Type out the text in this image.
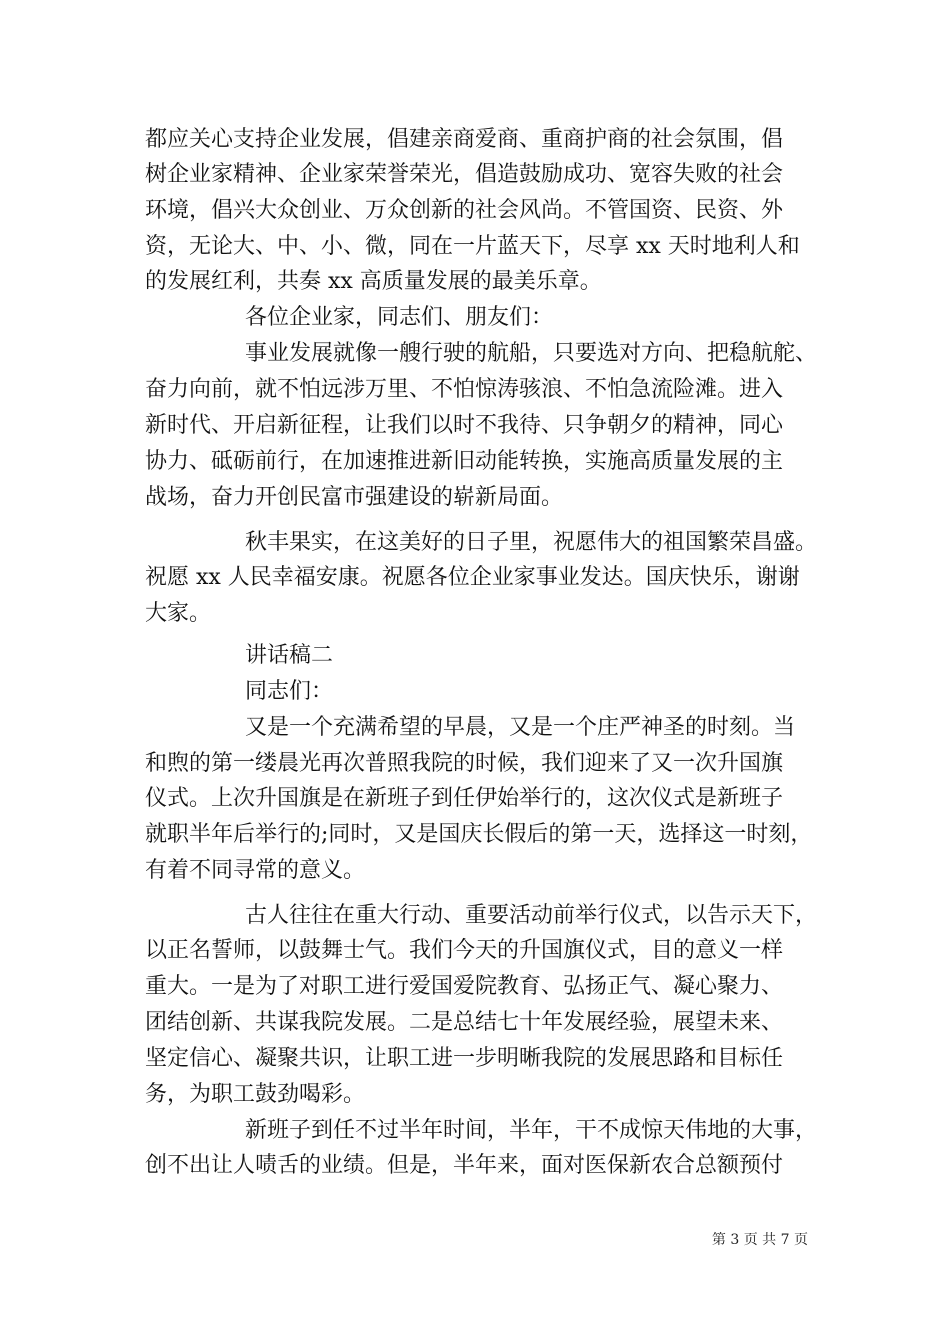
都应关心支持企业发展，倡建亲商爱商、重商护商的社会氛围，倡
树企业家精神、企业家荣誉荣光，倡造鼓励成功、宽容失败的社会
环境，倡兴大众创业、万众创新的社会风尚。不管国资、民资、外
资，无论大、中、小、微，同在一片蓝天下，尽享 xx 天时地利人和
的发展红利，共奏 xx 高质量发展的最美乐章。
各位企业家，同志们、朋友们：
事业发展就像一艘行驶的航船，只要选对方向、把稳航舵、
奋力向前，就不怕远涉万里、不怕惊涛骇浪、不怕急流险滩。进入
新时代、开启新征程，让我们以时不我待、只争朝夕的精神，同心
协力、砥砺前行，在加速推进新旧动能转换，实施高质量发展的主
战场，奋力开创民富市强建设的崭新局面。
秋丰果实，在这美好的日子里，祝愿伟大的祖国繁荣昌盛。
祝愿 xx 人民幸福安康。祝愿各位企业家事业发达。国庆快乐，谢谢
大家。
讲话稿二
同志们：
又是一个充满希望的早晨，又是一个庄严神圣的时刻。当
和煦的第一缕晨光再次普照我院的时候，我们迎来了又一次升国旗
仪式。上次升国旗是在新班子到任伊始举行的，这次仪式是新班子
就职半年后举行的;同时，又是国庆长假后的第一天，选择这一时刻，
有着不同寻常的意义。
古人往往在重大行动、重要活动前举行仪式，以告示天下，
以正名誓师，以鼓舞士气。我们今天的升国旗仪式，目的意义一样
重大。一是为了对职工进行爱国爱院教育、弘扬正气、凝心聚力、
团结创新、共谋我院发展。二是总结七十年发展经验，展望未来、
坚定信心、凝聚共识，让职工进一步明晰我院的发展思路和目标任
务，为职工鼓劲喝彩。
新班子到任不过半年时间，半年，干不成惊天伟地的大事，
创不出让人啧舌的业绩。但是，半年来，面对医保新农合总额预付
第 3 页 共 7 页
